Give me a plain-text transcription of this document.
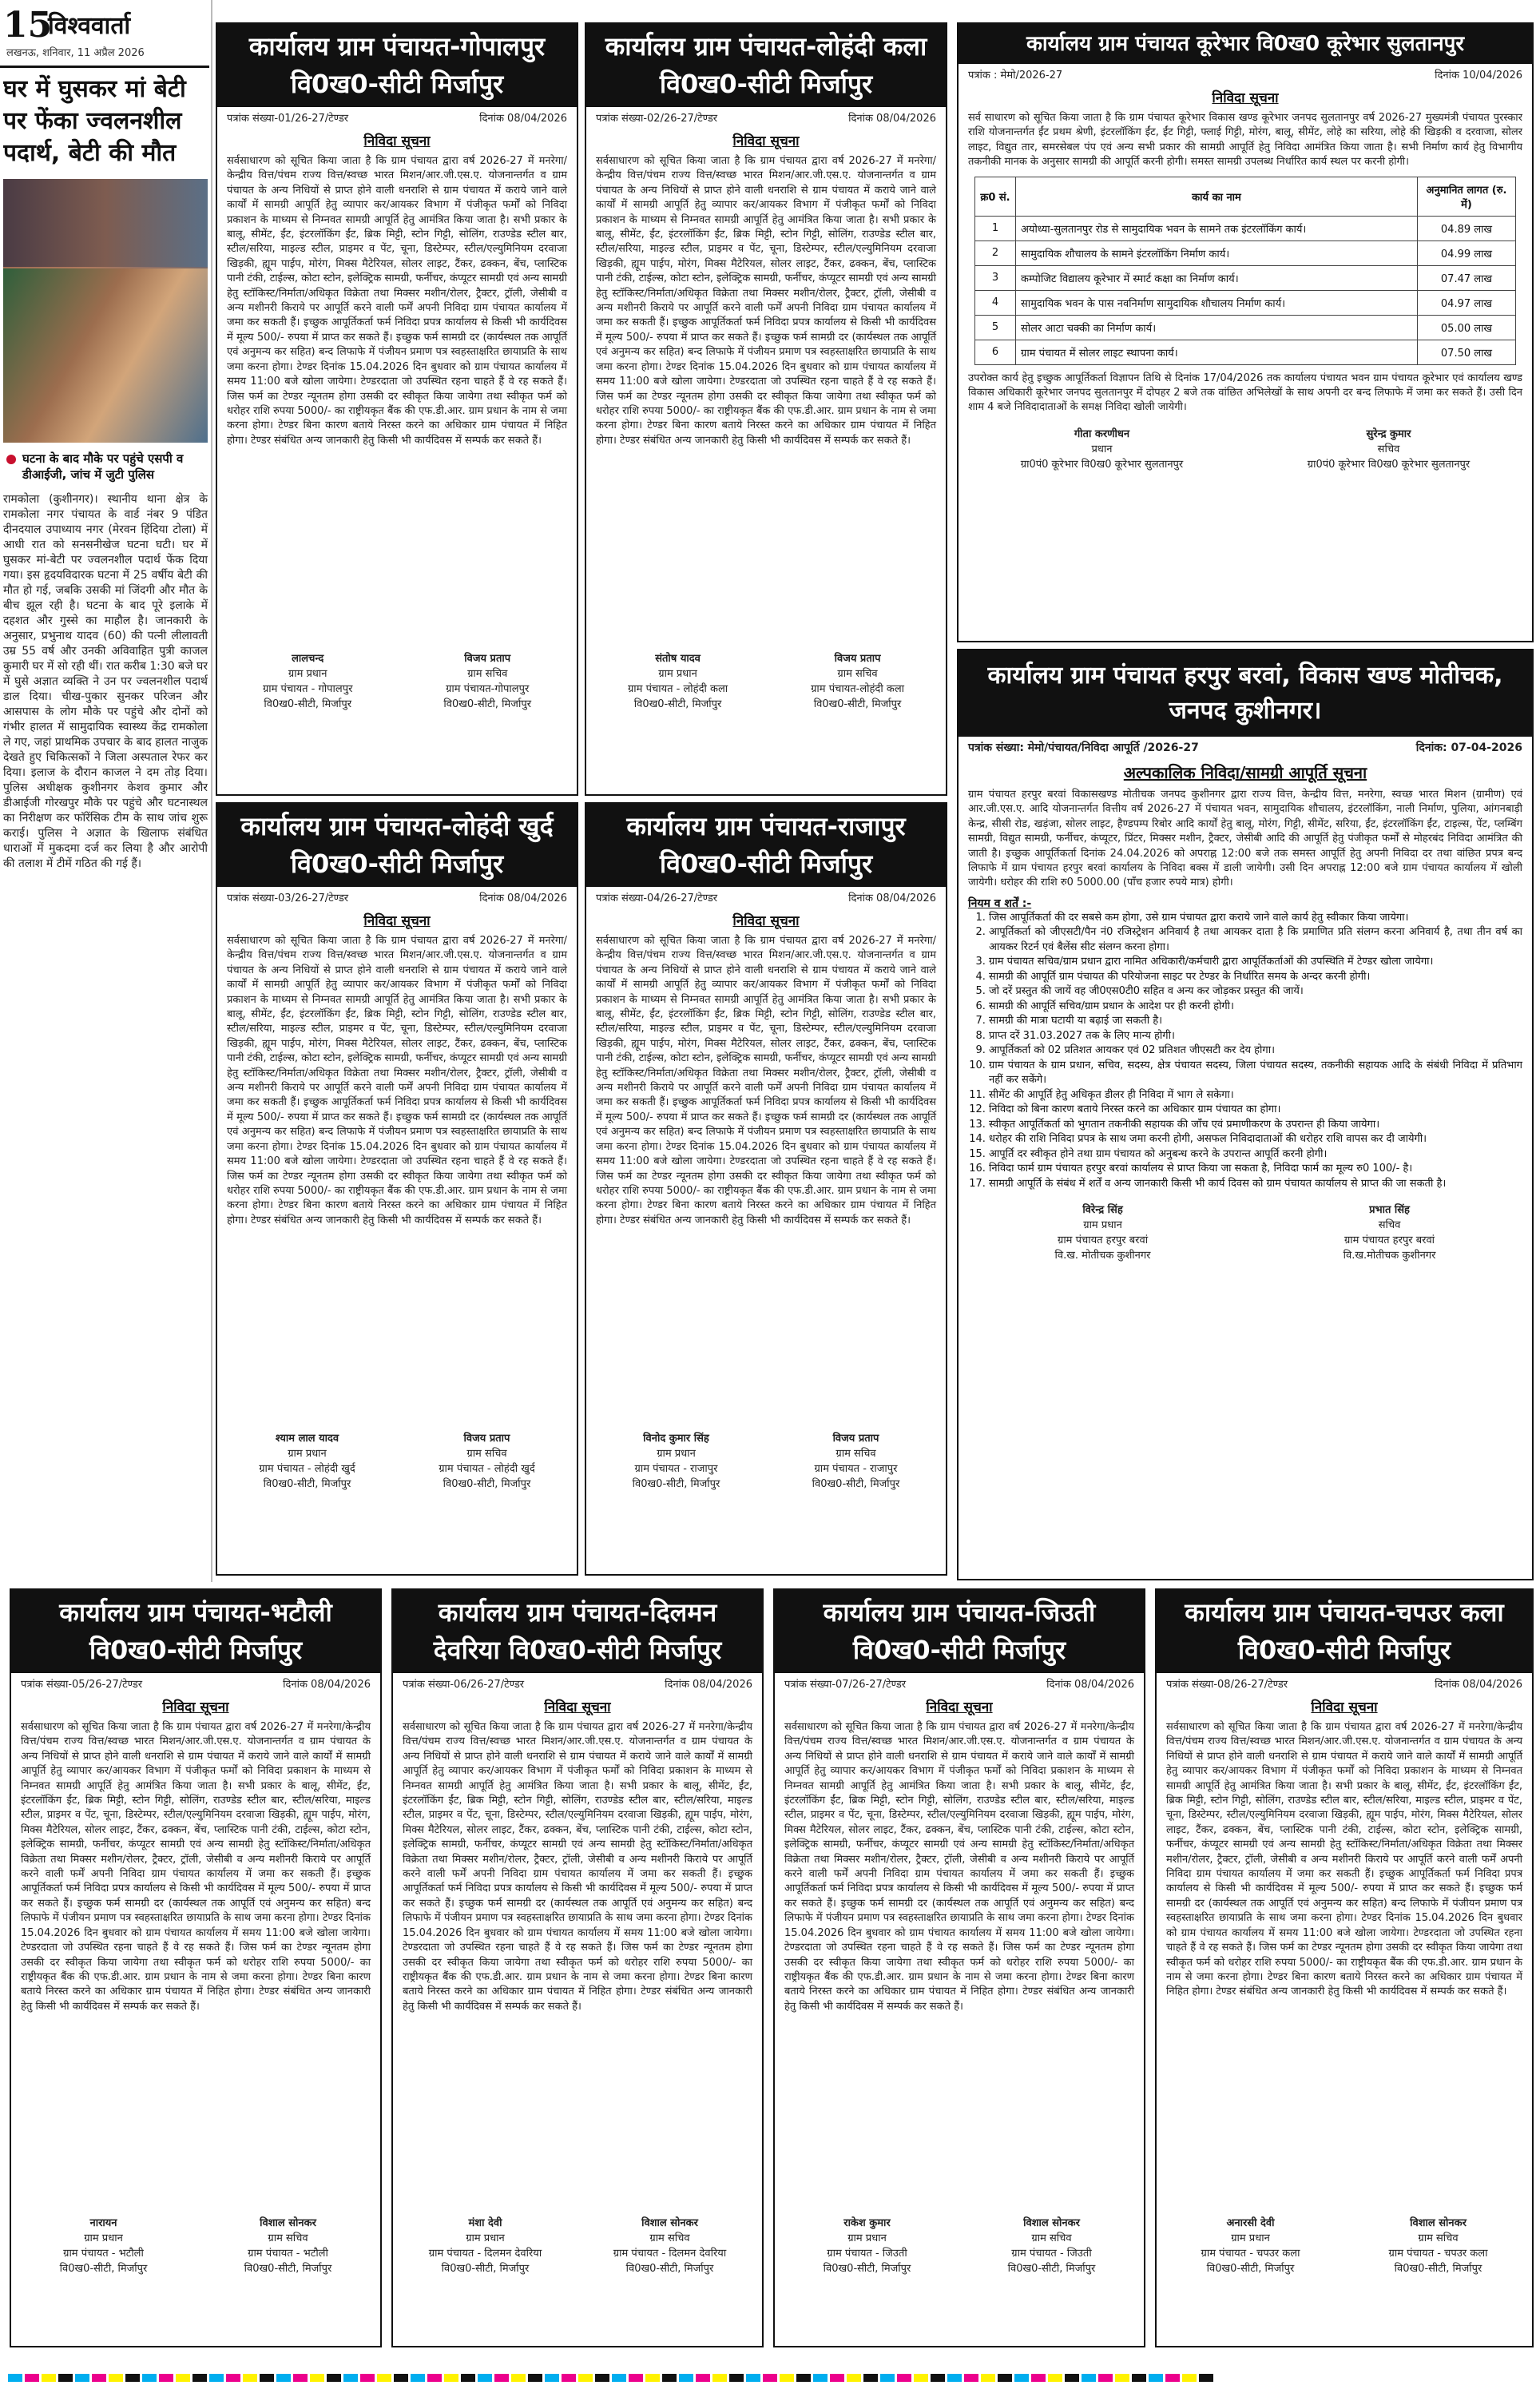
15
विश्ववार्ता
लखनऊ, शनिवार, 11 अप्रैल 2026
घर में घुसकर मां बेटी पर फेंका ज्वलनशील पदार्थ, बेटी की मौत
घटना के बाद मौके पर पहुंचे एसपी व डीआईजी, जांच में जुटी पुलिस
रामकोला (कुशीनगर)। स्थानीय थाना क्षेत्र के रामकोला नगर पंचायत के वार्ड नंबर 9 पंडित दीनदयाल उपाध्याय नगर (मेरवन हिंदिया टोला) में आधी रात को सनसनीखेज घटना घटी। घर में घुसकर मां-बेटी पर ज्वलनशील पदार्थ फेंक दिया गया। इस हृदयविदारक घटना में 25 वर्षीय बेटी की मौत हो गई, जबकि उसकी मां जिंदगी और मौत के बीच झूल रही है। घटना के बाद पूरे इलाके में दहशत और गुस्से का माहौल है। जानकारी के अनुसार, प्रभुनाथ यादव (60) की पत्नी लीलावती उम्र 55 वर्ष और उनकी अविवाहित पुत्री काजल कुमारी घर में सो रही थीं। रात करीब 1:30 बजे घर में घुसे अज्ञात व्यक्ति ने उन पर ज्वलनशील पदार्थ डाल दिया। चीख-पुकार सुनकर परिजन और आसपास के लोग मौके पर पहुंचे और दोनों को गंभीर हालत में सामुदायिक स्वास्थ्य केंद्र रामकोला ले गए, जहां प्राथमिक उपचार के बाद हालत नाजुक देखते हुए चिकित्सकों ने जिला अस्पताल रेफर कर दिया। इलाज के दौरान काजल ने दम तोड़ दिया। पुलिस अधीक्षक कुशीनगर केशव कुमार और डीआईजी गोरखपुर मौके पर पहुंचे और घटनास्थल का निरीक्षण कर फॉरेंसिक टीम के साथ जांच शुरू कराई। पुलिस ने अज्ञात के खिलाफ संबंधित धाराओं में मुकदमा दर्ज कर लिया है और आरोपी की तलाश में टीमें गठित की गई हैं।
कार्यालय ग्राम पंचायत-गोपालपुर
वि0ख0-सीटी मिर्जापुर
पत्रांक संख्या-01/26-27/टेण्डर	दिनांक 08/04/2026
निविदा सूचना
सर्वसाधारण को सूचित किया जाता है कि ग्राम पंचायत द्वारा वर्ष 2026-27 में मनरेगा/केन्द्रीय वित्त/पंचम राज्य वित्त/स्वच्छ भारत मिशन/आर.जी.एस.ए. योजनान्तर्गत व ग्राम पंचायत के अन्य निधियों से प्राप्त होने वाली धनराशि से ग्राम पंचायत में कराये जाने वाले कार्यों में सामग्री आपूर्ति हेतु व्यापार कर/आयकर विभाग में पंजीकृत फर्मों को निविदा प्रकाशन के माध्यम से निम्नवत सामग्री आपूर्ति हेतु आमंत्रित किया जाता है। सभी प्रकार के बालू, सीमेंट, ईंट, इंटरलॉकिंग ईंट, ब्रिक मिट्टी, स्टोन गिट्टी, सोलिंग, राउण्डेड स्टील बार, स्टील/सरिया, माइल्ड स्टील, प्राइमर व पेंट, चूना, डिस्टेम्पर, स्टील/एल्युमिनियम दरवाजा खिड़की, ह्यूम पाईप, मोरंग, मिक्स मैटेरियल, सोलर लाइट, टैंकर, ढक्कन, बेंच, प्लास्टिक पानी टंकी, टाईल्स, कोटा स्टोन, इलेक्ट्रिक सामग्री, फर्नीचर, कंप्यूटर सामग्री एवं अन्य सामग्री हेतु स्टॉकिस्ट/निर्माता/अधिकृत विक्रेता तथा मिक्सर मशीन/रोलर, ट्रैक्टर, ट्रॉली, जेसीबी व अन्य मशीनरी किराये पर आपूर्ति करने वाली फर्में अपनी निविदा ग्राम पंचायत कार्यालय में जमा कर सकती हैं। इच्छुक आपूर्तिकर्ता फर्म निविदा प्रपत्र कार्यालय से किसी भी कार्यदिवस में मूल्य 500/- रुपया में प्राप्त कर सकते हैं। इच्छुक फर्म सामग्री दर (कार्यस्थल तक आपूर्ति एवं अनुमन्य कर सहित) बन्द लिफाफे में पंजीयन प्रमाण पत्र स्वहस्ताक्षरित छायाप्रति के साथ जमा करना होगा। टेण्डर दिनांक 15.04.2026 दिन बुधवार को ग्राम पंचायत कार्यालय में समय 11:00 बजे खोला जायेगा। टेण्डरदाता जो उपस्थित रहना चाहते हैं वे रह सकते हैं। जिस फर्म का टेण्डर न्यूनतम होगा उसकी दर स्वीकृत किया जायेगा तथा स्वीकृत फर्म को धरोहर राशि रुपया 5000/- का राष्ट्रीयकृत बैंक की एफ.डी.आर. ग्राम प्रधान के नाम से जमा करना होगा। टेण्डर बिना कारण बताये निरस्त करने का अधिकार ग्राम पंचायत में निहित होगा। टेण्डर संबंधित अन्य जानकारी हेतु किसी भी कार्यदिवस में सम्पर्क कर सकते हैं।
लालचन्द
ग्राम प्रधान
ग्राम पंचायत - गोपालपुर
वि0ख0-सीटी, मिर्जापुर
विजय प्रताप
ग्राम सचिव
ग्राम पंचायत-गोपालपुर
वि0ख0-सीटी, मिर्जापुर
कार्यालय ग्राम पंचायत-लोहंदी कला
वि0ख0-सीटी मिर्जापुर
पत्रांक संख्या-02/26-27/टेण्डर	दिनांक 08/04/2026
निविदा सूचना
सर्वसाधारण को सूचित किया जाता है कि ग्राम पंचायत द्वारा वर्ष 2026-27 में मनरेगा/केन्द्रीय वित्त/पंचम राज्य वित्त/स्वच्छ भारत मिशन/आर.जी.एस.ए. योजनान्तर्गत व ग्राम पंचायत के अन्य निधियों से प्राप्त होने वाली धनराशि से ग्राम पंचायत में कराये जाने वाले कार्यों में सामग्री आपूर्ति हेतु व्यापार कर/आयकर विभाग में पंजीकृत फर्मों को निविदा प्रकाशन के माध्यम से निम्नवत सामग्री आपूर्ति हेतु आमंत्रित किया जाता है। सभी प्रकार के बालू, सीमेंट, ईंट, इंटरलॉकिंग ईंट, ब्रिक मिट्टी, स्टोन गिट्टी, सोलिंग, राउण्डेड स्टील बार, स्टील/सरिया, माइल्ड स्टील, प्राइमर व पेंट, चूना, डिस्टेम्पर, स्टील/एल्युमिनियम दरवाजा खिड़की, ह्यूम पाईप, मोरंग, मिक्स मैटेरियल, सोलर लाइट, टैंकर, ढक्कन, बेंच, प्लास्टिक पानी टंकी, टाईल्स, कोटा स्टोन, इलेक्ट्रिक सामग्री, फर्नीचर, कंप्यूटर सामग्री एवं अन्य सामग्री हेतु स्टॉकिस्ट/निर्माता/अधिकृत विक्रेता तथा मिक्सर मशीन/रोलर, ट्रैक्टर, ट्रॉली, जेसीबी व अन्य मशीनरी किराये पर आपूर्ति करने वाली फर्में अपनी निविदा ग्राम पंचायत कार्यालय में जमा कर सकती हैं। इच्छुक आपूर्तिकर्ता फर्म निविदा प्रपत्र कार्यालय से किसी भी कार्यदिवस में मूल्य 500/- रुपया में प्राप्त कर सकते हैं। इच्छुक फर्म सामग्री दर (कार्यस्थल तक आपूर्ति एवं अनुमन्य कर सहित) बन्द लिफाफे में पंजीयन प्रमाण पत्र स्वहस्ताक्षरित छायाप्रति के साथ जमा करना होगा। टेण्डर दिनांक 15.04.2026 दिन बुधवार को ग्राम पंचायत कार्यालय में समय 11:00 बजे खोला जायेगा। टेण्डरदाता जो उपस्थित रहना चाहते हैं वे रह सकते हैं। जिस फर्म का टेण्डर न्यूनतम होगा उसकी दर स्वीकृत किया जायेगा तथा स्वीकृत फर्म को धरोहर राशि रुपया 5000/- का राष्ट्रीयकृत बैंक की एफ.डी.आर. ग्राम प्रधान के नाम से जमा करना होगा। टेण्डर बिना कारण बताये निरस्त करने का अधिकार ग्राम पंचायत में निहित होगा। टेण्डर संबंधित अन्य जानकारी हेतु किसी भी कार्यदिवस में सम्पर्क कर सकते हैं।
संतोष यादव
ग्राम प्रधान
ग्राम पंचायत - लोहंदी कला
वि0ख0-सीटी, मिर्जापुर
विजय प्रताप
ग्राम सचिव
ग्राम पंचायत-लोहंदी कला
वि0ख0-सीटी, मिर्जापुर
कार्यालय ग्राम पंचायत-लोहंदी खुर्द
वि0ख0-सीटी मिर्जापुर
पत्रांक संख्या-03/26-27/टेण्डर	दिनांक 08/04/2026
निविदा सूचना
सर्वसाधारण को सूचित किया जाता है कि ग्राम पंचायत द्वारा वर्ष 2026-27 में मनरेगा/केन्द्रीय वित्त/पंचम राज्य वित्त/स्वच्छ भारत मिशन/आर.जी.एस.ए. योजनान्तर्गत व ग्राम पंचायत के अन्य निधियों से प्राप्त होने वाली धनराशि से ग्राम पंचायत में कराये जाने वाले कार्यों में सामग्री आपूर्ति हेतु व्यापार कर/आयकर विभाग में पंजीकृत फर्मों को निविदा प्रकाशन के माध्यम से निम्नवत सामग्री आपूर्ति हेतु आमंत्रित किया जाता है। सभी प्रकार के बालू, सीमेंट, ईंट, इंटरलॉकिंग ईंट, ब्रिक मिट्टी, स्टोन गिट्टी, सोलिंग, राउण्डेड स्टील बार, स्टील/सरिया, माइल्ड स्टील, प्राइमर व पेंट, चूना, डिस्टेम्पर, स्टील/एल्युमिनियम दरवाजा खिड़की, ह्यूम पाईप, मोरंग, मिक्स मैटेरियल, सोलर लाइट, टैंकर, ढक्कन, बेंच, प्लास्टिक पानी टंकी, टाईल्स, कोटा स्टोन, इलेक्ट्रिक सामग्री, फर्नीचर, कंप्यूटर सामग्री एवं अन्य सामग्री हेतु स्टॉकिस्ट/निर्माता/अधिकृत विक्रेता तथा मिक्सर मशीन/रोलर, ट्रैक्टर, ट्रॉली, जेसीबी व अन्य मशीनरी किराये पर आपूर्ति करने वाली फर्में अपनी निविदा ग्राम पंचायत कार्यालय में जमा कर सकती हैं। इच्छुक आपूर्तिकर्ता फर्म निविदा प्रपत्र कार्यालय से किसी भी कार्यदिवस में मूल्य 500/- रुपया में प्राप्त कर सकते हैं। इच्छुक फर्म सामग्री दर (कार्यस्थल तक आपूर्ति एवं अनुमन्य कर सहित) बन्द लिफाफे में पंजीयन प्रमाण पत्र स्वहस्ताक्षरित छायाप्रति के साथ जमा करना होगा। टेण्डर दिनांक 15.04.2026 दिन बुधवार को ग्राम पंचायत कार्यालय में समय 11:00 बजे खोला जायेगा। टेण्डरदाता जो उपस्थित रहना चाहते हैं वे रह सकते हैं। जिस फर्म का टेण्डर न्यूनतम होगा उसकी दर स्वीकृत किया जायेगा तथा स्वीकृत फर्म को धरोहर राशि रुपया 5000/- का राष्ट्रीयकृत बैंक की एफ.डी.आर. ग्राम प्रधान के नाम से जमा करना होगा। टेण्डर बिना कारण बताये निरस्त करने का अधिकार ग्राम पंचायत में निहित होगा। टेण्डर संबंधित अन्य जानकारी हेतु किसी भी कार्यदिवस में सम्पर्क कर सकते हैं।
श्याम लाल यादव
ग्राम प्रधान
ग्राम पंचायत - लोहंदी खुर्द
वि0ख0-सीटी, मिर्जापुर
विजय प्रताप
ग्राम सचिव
ग्राम पंचायत - लोहंदी खुर्द
वि0ख0-सीटी, मिर्जापुर
कार्यालय ग्राम पंचायत-राजापुर
वि0ख0-सीटी मिर्जापुर
पत्रांक संख्या-04/26-27/टेण्डर	दिनांक 08/04/2026
निविदा सूचना
सर्वसाधारण को सूचित किया जाता है कि ग्राम पंचायत द्वारा वर्ष 2026-27 में मनरेगा/केन्द्रीय वित्त/पंचम राज्य वित्त/स्वच्छ भारत मिशन/आर.जी.एस.ए. योजनान्तर्गत व ग्राम पंचायत के अन्य निधियों से प्राप्त होने वाली धनराशि से ग्राम पंचायत में कराये जाने वाले कार्यों में सामग्री आपूर्ति हेतु व्यापार कर/आयकर विभाग में पंजीकृत फर्मों को निविदा प्रकाशन के माध्यम से निम्नवत सामग्री आपूर्ति हेतु आमंत्रित किया जाता है। सभी प्रकार के बालू, सीमेंट, ईंट, इंटरलॉकिंग ईंट, ब्रिक मिट्टी, स्टोन गिट्टी, सोलिंग, राउण्डेड स्टील बार, स्टील/सरिया, माइल्ड स्टील, प्राइमर व पेंट, चूना, डिस्टेम्पर, स्टील/एल्युमिनियम दरवाजा खिड़की, ह्यूम पाईप, मोरंग, मिक्स मैटेरियल, सोलर लाइट, टैंकर, ढक्कन, बेंच, प्लास्टिक पानी टंकी, टाईल्स, कोटा स्टोन, इलेक्ट्रिक सामग्री, फर्नीचर, कंप्यूटर सामग्री एवं अन्य सामग्री हेतु स्टॉकिस्ट/निर्माता/अधिकृत विक्रेता तथा मिक्सर मशीन/रोलर, ट्रैक्टर, ट्रॉली, जेसीबी व अन्य मशीनरी किराये पर आपूर्ति करने वाली फर्में अपनी निविदा ग्राम पंचायत कार्यालय में जमा कर सकती हैं। इच्छुक आपूर्तिकर्ता फर्म निविदा प्रपत्र कार्यालय से किसी भी कार्यदिवस में मूल्य 500/- रुपया में प्राप्त कर सकते हैं। इच्छुक फर्म सामग्री दर (कार्यस्थल तक आपूर्ति एवं अनुमन्य कर सहित) बन्द लिफाफे में पंजीयन प्रमाण पत्र स्वहस्ताक्षरित छायाप्रति के साथ जमा करना होगा। टेण्डर दिनांक 15.04.2026 दिन बुधवार को ग्राम पंचायत कार्यालय में समय 11:00 बजे खोला जायेगा। टेण्डरदाता जो उपस्थित रहना चाहते हैं वे रह सकते हैं। जिस फर्म का टेण्डर न्यूनतम होगा उसकी दर स्वीकृत किया जायेगा तथा स्वीकृत फर्म को धरोहर राशि रुपया 5000/- का राष्ट्रीयकृत बैंक की एफ.डी.आर. ग्राम प्रधान के नाम से जमा करना होगा। टेण्डर बिना कारण बताये निरस्त करने का अधिकार ग्राम पंचायत में निहित होगा। टेण्डर संबंधित अन्य जानकारी हेतु किसी भी कार्यदिवस में सम्पर्क कर सकते हैं।
विनोद कुमार सिंह
ग्राम प्रधान
ग्राम पंचायत - राजापुर
वि0ख0-सीटी, मिर्जापुर
विजय प्रताप
ग्राम सचिव
ग्राम पंचायत - राजापुर
वि0ख0-सीटी, मिर्जापुर
कार्यालय ग्राम पंचायत कूरेभार वि0ख0 कूरेभार सुलतानपुर
पत्रांक : मेमो/2026-27	दिनांक 10/04/2026
निविदा सूचना
सर्व साधारण को सूचित किया जाता है कि ग्राम पंचायत कूरेभार विकास खण्ड कूरेभार जनपद सुलतानपुर वर्ष 2026-27 मुख्यमंत्री पंचायत पुरस्कार राशि योजनान्तर्गत ईंट प्रथम श्रेणी, इंटरलॉकिंग ईंट, ईंट गिट्टी, फ्लाई गिट्टी, मोरंग, बालू, सीमेंट, लोहे का सरिया, लोहे की खिड़की व दरवाजा, सोलर लाइट, विद्युत तार, समरसेबल पंप एवं अन्य सभी प्रकार की सामग्री आपूर्ति हेतु निविदा आमंत्रित किया जाता है। सभी निर्माण कार्य हेतु विभागीय तकनीकी मानक के अनुसार सामग्री की आपूर्ति करनी होगी। समस्त सामग्री उपलब्ध निर्धारित कार्य स्थल पर करनी होगी।
क्र0 सं.	कार्य का नाम	अनुमानित लागत (रु. में)
1	अयोध्या-सुलतानपुर रोड से सामुदायिक भवन के सामने तक इंटरलॉकिंग कार्य।	04.89 लाख
2	सामुदायिक शौचालय के सामने इंटरलॉकिंग निर्माण कार्य।	04.99 लाख
3	कम्पोजिट विद्यालय कूरेभार में स्मार्ट कक्षा का निर्माण कार्य।	07.47 लाख
4	सामुदायिक भवन के पास नवनिर्माण सामुदायिक शौचालय निर्माण कार्य।	04.97 लाख
5	सोलर आटा चक्की का निर्माण कार्य।	05.00 लाख
6	ग्राम पंचायत में सोलर लाइट स्थापना कार्य।	07.50 लाख
उपरोक्त कार्य हेतु इच्छुक आपूर्तिकर्ता विज्ञापन तिथि से दिनांक 17/04/2026 तक कार्यालय पंचायत भवन ग्राम पंचायत कूरेभार एवं कार्यालय खण्ड विकास अधिकारी कूरेभार जनपद सुलतानपुर में दोपहर 2 बजे तक वांछित अभिलेखों के साथ अपनी दर बन्द लिफाफे में जमा कर सकते हैं। उसी दिन शाम 4 बजे निविदादाताओं के समक्ष निविदा खोली जायेगी।
गीता करणीधन
प्रधान
ग्रा0पं0 कूरेभार वि0ख0 कूरेभार सुलतानपुर
सुरेन्द्र कुमार
सचिव
ग्रा0पं0 कूरेभार वि0ख0 कूरेभार सुलतानपुर
कार्यालय ग्राम पंचायत हरपुर बरवां, विकास खण्ड मोतीचक, जनपद कुशीनगर।
पत्रांक संख्या: मेमो/पंचायत/निविदा आपूर्ति /2026-27	दिनांक: 07-04-2026
अल्पकालिक निविदा/सामग्री आपूर्ति सूचना
ग्राम पंचायत हरपुर बरवां विकासखण्ड मोतीचक जनपद कुशीनगर द्वारा राज्य वित्त, केन्द्रीय वित्त, मनरेगा, स्वच्छ भारत मिशन (ग्रामीण) एवं आर.जी.एस.ए. आदि योजनान्तर्गत वित्तीय वर्ष 2026-27 में पंचायत भवन, सामुदायिक शौचालय, इंटरलॉकिंग, नाली निर्माण, पुलिया, आंगनबाड़ी केन्द्र, सीसी रोड, खड़ंजा, सोलर लाइट, हैण्डपम्प रिबोर आदि कार्यों हेतु बालू, मोरंग, गिट्टी, सीमेंट, सरिया, ईंट, इंटरलॉकिंग ईंट, टाइल्स, पेंट, प्लम्बिंग सामग्री, विद्युत सामग्री, फर्नीचर, कंप्यूटर, प्रिंटर, मिक्सर मशीन, ट्रैक्टर, जेसीबी आदि की आपूर्ति हेतु पंजीकृत फर्मों से मोहरबंद निविदा आमंत्रित की जाती है। इच्छुक आपूर्तिकर्ता दिनांक 24.04.2026 को अपराह्न 12:00 बजे तक समस्त आपूर्ति हेतु अपनी निविदा दर तथा वांछित प्रपत्र बन्द लिफाफे में ग्राम पंचायत हरपुर बरवां कार्यालय के निविदा बक्स में डाली जायेगी। उसी दिन अपराह्न 12:00 बजे ग्राम पंचायत कार्यालय में खोली जायेगी। धरोहर की राशि रु0 5000.00 (पाँच हजार रुपये मात्र) होगी।
नियम व शर्तें :-
1. जिस आपूर्तिकर्ता की दर सबसे कम होगा, उसे ग्राम पंचायत द्वारा कराये जाने वाले कार्य हेतु स्वीकार किया जायेगा।
2. आपूर्तिकर्ता को जीएसटी/पैन नं0 रजिस्ट्रेशन अनिवार्य है तथा आयकर दाता है कि प्रमाणित प्रति संलग्न करना अनिवार्य है, तथा तीन वर्ष का आयकर रिटर्न एवं बैलेंस सीट संलग्न करना होगा।
3. ग्राम पंचायत सचिव/ग्राम प्रधान द्वारा नामित अधिकारी/कर्मचारी द्वारा आपूर्तिकर्ताओं की उपस्थिति में टेण्डर खोला जायेगा।
4. सामग्री की आपूर्ति ग्राम पंचायत की परियोजना साइट पर टेण्डर के निर्धारित समय के अन्दर करनी होगी।
5. जो दरें प्रस्तुत की जायें वह जी0एस0टी0 सहित व अन्य कर जोड़कर प्रस्तुत की जायें।
6. सामग्री की आपूर्ति सचिव/ग्राम प्रधान के आदेश पर ही करनी होगी।
7. सामग्री की मात्रा घटायी या बढ़ाई जा सकती है।
8. प्राप्त दरें 31.03.2027 तक के लिए मान्य होगी।
9. आपूर्तिकर्ता को 02 प्रतिशत आयकर एवं 02 प्रतिशत जीएसटी कर देय होगा।
10. ग्राम पंचायत के ग्राम प्रधान, सचिव, सदस्य, क्षेत्र पंचायत सदस्य, जिला पंचायत सदस्य, तकनीकी सहायक आदि के संबंधी निविदा में प्रतिभाग नहीं कर सकेंगे।
11. सीमेंट की आपूर्ति हेतु अधिकृत डीलर ही निविदा में भाग ले सकेगा।
12. निविदा को बिना कारण बताये निरस्त करने का अधिकार ग्राम पंचायत का होगा।
13. स्वीकृत आपूर्तिकर्ता को भुगतान तकनीकी सहायक की जाँच एवं प्रमाणीकरण के उपरान्त ही किया जायेगा।
14. धरोहर की राशि निविदा प्रपत्र के साथ जमा करनी होगी, असफल निविदादाताओं की धरोहर राशि वापस कर दी जायेगी।
15. आपूर्ति दर स्वीकृत होने तथा ग्राम पंचायत को अनुबन्ध करने के उपरान्त आपूर्ति करनी होगी।
16. निविदा फार्म ग्राम पंचायत हरपुर बरवां कार्यालय से प्राप्त किया जा सकता है, निविदा फार्म का मूल्य रु0 100/- है।
17. सामग्री आपूर्ति के संबंध में शर्तें व अन्य जानकारी किसी भी कार्य दिवस को ग्राम पंचायत कार्यालय से प्राप्त की जा सकती है।
विरेन्द्र सिंह
ग्राम प्रधान
ग्राम पंचायत हरपुर बरवां
वि.ख. मोतीचक कुशीनगर
प्रभात सिंह
सचिव
ग्राम पंचायत हरपुर बरवां
वि.ख.मोतीचक कुशीनगर
कार्यालय ग्राम पंचायत-भटौली
वि0ख0-सीटी मिर्जापुर
पत्रांक संख्या-05/26-27/टेण्डर	दिनांक 08/04/2026
निविदा सूचना
सर्वसाधारण को सूचित किया जाता है कि ग्राम पंचायत द्वारा वर्ष 2026-27 में मनरेगा/केन्द्रीय वित्त/पंचम राज्य वित्त/स्वच्छ भारत मिशन/आर.जी.एस.ए. योजनान्तर्गत व ग्राम पंचायत के अन्य निधियों से प्राप्त होने वाली धनराशि से ग्राम पंचायत में कराये जाने वाले कार्यों में सामग्री आपूर्ति हेतु व्यापार कर/आयकर विभाग में पंजीकृत फर्मों को निविदा प्रकाशन के माध्यम से निम्नवत सामग्री आपूर्ति हेतु आमंत्रित किया जाता है। सभी प्रकार के बालू, सीमेंट, ईंट, इंटरलॉकिंग ईंट, ब्रिक मिट्टी, स्टोन गिट्टी, सोलिंग, राउण्डेड स्टील बार, स्टील/सरिया, माइल्ड स्टील, प्राइमर व पेंट, चूना, डिस्टेम्पर, स्टील/एल्युमिनियम दरवाजा खिड़की, ह्यूम पाईप, मोरंग, मिक्स मैटेरियल, सोलर लाइट, टैंकर, ढक्कन, बेंच, प्लास्टिक पानी टंकी, टाईल्स, कोटा स्टोन, इलेक्ट्रिक सामग्री, फर्नीचर, कंप्यूटर सामग्री एवं अन्य सामग्री हेतु स्टॉकिस्ट/निर्माता/अधिकृत विक्रेता तथा मिक्सर मशीन/रोलर, ट्रैक्टर, ट्रॉली, जेसीबी व अन्य मशीनरी किराये पर आपूर्ति करने वाली फर्में अपनी निविदा ग्राम पंचायत कार्यालय में जमा कर सकती हैं। इच्छुक आपूर्तिकर्ता फर्म निविदा प्रपत्र कार्यालय से किसी भी कार्यदिवस में मूल्य 500/- रुपया में प्राप्त कर सकते हैं। इच्छुक फर्म सामग्री दर (कार्यस्थल तक आपूर्ति एवं अनुमन्य कर सहित) बन्द लिफाफे में पंजीयन प्रमाण पत्र स्वहस्ताक्षरित छायाप्रति के साथ जमा करना होगा। टेण्डर दिनांक 15.04.2026 दिन बुधवार को ग्राम पंचायत कार्यालय में समय 11:00 बजे खोला जायेगा। टेण्डरदाता जो उपस्थित रहना चाहते हैं वे रह सकते हैं। जिस फर्म का टेण्डर न्यूनतम होगा उसकी दर स्वीकृत किया जायेगा तथा स्वीकृत फर्म को धरोहर राशि रुपया 5000/- का राष्ट्रीयकृत बैंक की एफ.डी.आर. ग्राम प्रधान के नाम से जमा करना होगा। टेण्डर बिना कारण बताये निरस्त करने का अधिकार ग्राम पंचायत में निहित होगा। टेण्डर संबंधित अन्य जानकारी हेतु किसी भी कार्यदिवस में सम्पर्क कर सकते हैं।
नारायन
ग्राम प्रधान
ग्राम पंचायत - भटौली
वि0ख0-सीटी, मिर्जापुर
विशाल सोनकर
ग्राम सचिव
ग्राम पंचायत - भटौली
वि0ख0-सीटी, मिर्जापुर
कार्यालय ग्राम पंचायत-दिलमन
देवरिया वि0ख0-सीटी मिर्जापुर
पत्रांक संख्या-06/26-27/टेण्डर	दिनांक 08/04/2026
निविदा सूचना
सर्वसाधारण को सूचित किया जाता है कि ग्राम पंचायत द्वारा वर्ष 2026-27 में मनरेगा/केन्द्रीय वित्त/पंचम राज्य वित्त/स्वच्छ भारत मिशन/आर.जी.एस.ए. योजनान्तर्गत व ग्राम पंचायत के अन्य निधियों से प्राप्त होने वाली धनराशि से ग्राम पंचायत में कराये जाने वाले कार्यों में सामग्री आपूर्ति हेतु व्यापार कर/आयकर विभाग में पंजीकृत फर्मों को निविदा प्रकाशन के माध्यम से निम्नवत सामग्री आपूर्ति हेतु आमंत्रित किया जाता है। सभी प्रकार के बालू, सीमेंट, ईंट, इंटरलॉकिंग ईंट, ब्रिक मिट्टी, स्टोन गिट्टी, सोलिंग, राउण्डेड स्टील बार, स्टील/सरिया, माइल्ड स्टील, प्राइमर व पेंट, चूना, डिस्टेम्पर, स्टील/एल्युमिनियम दरवाजा खिड़की, ह्यूम पाईप, मोरंग, मिक्स मैटेरियल, सोलर लाइट, टैंकर, ढक्कन, बेंच, प्लास्टिक पानी टंकी, टाईल्स, कोटा स्टोन, इलेक्ट्रिक सामग्री, फर्नीचर, कंप्यूटर सामग्री एवं अन्य सामग्री हेतु स्टॉकिस्ट/निर्माता/अधिकृत विक्रेता तथा मिक्सर मशीन/रोलर, ट्रैक्टर, ट्रॉली, जेसीबी व अन्य मशीनरी किराये पर आपूर्ति करने वाली फर्में अपनी निविदा ग्राम पंचायत कार्यालय में जमा कर सकती हैं। इच्छुक आपूर्तिकर्ता फर्म निविदा प्रपत्र कार्यालय से किसी भी कार्यदिवस में मूल्य 500/- रुपया में प्राप्त कर सकते हैं। इच्छुक फर्म सामग्री दर (कार्यस्थल तक आपूर्ति एवं अनुमन्य कर सहित) बन्द लिफाफे में पंजीयन प्रमाण पत्र स्वहस्ताक्षरित छायाप्रति के साथ जमा करना होगा। टेण्डर दिनांक 15.04.2026 दिन बुधवार को ग्राम पंचायत कार्यालय में समय 11:00 बजे खोला जायेगा। टेण्डरदाता जो उपस्थित रहना चाहते हैं वे रह सकते हैं। जिस फर्म का टेण्डर न्यूनतम होगा उसकी दर स्वीकृत किया जायेगा तथा स्वीकृत फर्म को धरोहर राशि रुपया 5000/- का राष्ट्रीयकृत बैंक की एफ.डी.आर. ग्राम प्रधान के नाम से जमा करना होगा। टेण्डर बिना कारण बताये निरस्त करने का अधिकार ग्राम पंचायत में निहित होगा। टेण्डर संबंधित अन्य जानकारी हेतु किसी भी कार्यदिवस में सम्पर्क कर सकते हैं।
मंशा देवी
ग्राम प्रधान
ग्राम पंचायत - दिलमन देवरिया
वि0ख0-सीटी, मिर्जापुर
विशाल सोनकर
ग्राम सचिव
ग्राम पंचायत - दिलमन देवरिया
वि0ख0-सीटी, मिर्जापुर
कार्यालय ग्राम पंचायत-जिउती
वि0ख0-सीटी मिर्जापुर
पत्रांक संख्या-07/26-27/टेण्डर	दिनांक 08/04/2026
निविदा सूचना
सर्वसाधारण को सूचित किया जाता है कि ग्राम पंचायत द्वारा वर्ष 2026-27 में मनरेगा/केन्द्रीय वित्त/पंचम राज्य वित्त/स्वच्छ भारत मिशन/आर.जी.एस.ए. योजनान्तर्गत व ग्राम पंचायत के अन्य निधियों से प्राप्त होने वाली धनराशि से ग्राम पंचायत में कराये जाने वाले कार्यों में सामग्री आपूर्ति हेतु व्यापार कर/आयकर विभाग में पंजीकृत फर्मों को निविदा प्रकाशन के माध्यम से निम्नवत सामग्री आपूर्ति हेतु आमंत्रित किया जाता है। सभी प्रकार के बालू, सीमेंट, ईंट, इंटरलॉकिंग ईंट, ब्रिक मिट्टी, स्टोन गिट्टी, सोलिंग, राउण्डेड स्टील बार, स्टील/सरिया, माइल्ड स्टील, प्राइमर व पेंट, चूना, डिस्टेम्पर, स्टील/एल्युमिनियम दरवाजा खिड़की, ह्यूम पाईप, मोरंग, मिक्स मैटेरियल, सोलर लाइट, टैंकर, ढक्कन, बेंच, प्लास्टिक पानी टंकी, टाईल्स, कोटा स्टोन, इलेक्ट्रिक सामग्री, फर्नीचर, कंप्यूटर सामग्री एवं अन्य सामग्री हेतु स्टॉकिस्ट/निर्माता/अधिकृत विक्रेता तथा मिक्सर मशीन/रोलर, ट्रैक्टर, ट्रॉली, जेसीबी व अन्य मशीनरी किराये पर आपूर्ति करने वाली फर्में अपनी निविदा ग्राम पंचायत कार्यालय में जमा कर सकती हैं। इच्छुक आपूर्तिकर्ता फर्म निविदा प्रपत्र कार्यालय से किसी भी कार्यदिवस में मूल्य 500/- रुपया में प्राप्त कर सकते हैं। इच्छुक फर्म सामग्री दर (कार्यस्थल तक आपूर्ति एवं अनुमन्य कर सहित) बन्द लिफाफे में पंजीयन प्रमाण पत्र स्वहस्ताक्षरित छायाप्रति के साथ जमा करना होगा। टेण्डर दिनांक 15.04.2026 दिन बुधवार को ग्राम पंचायत कार्यालय में समय 11:00 बजे खोला जायेगा। टेण्डरदाता जो उपस्थित रहना चाहते हैं वे रह सकते हैं। जिस फर्म का टेण्डर न्यूनतम होगा उसकी दर स्वीकृत किया जायेगा तथा स्वीकृत फर्म को धरोहर राशि रुपया 5000/- का राष्ट्रीयकृत बैंक की एफ.डी.आर. ग्राम प्रधान के नाम से जमा करना होगा। टेण्डर बिना कारण बताये निरस्त करने का अधिकार ग्राम पंचायत में निहित होगा। टेण्डर संबंधित अन्य जानकारी हेतु किसी भी कार्यदिवस में सम्पर्क कर सकते हैं।
राकेश कुमार
ग्राम प्रधान
ग्राम पंचायत - जिउती
वि0ख0-सीटी, मिर्जापुर
विशाल सोनकर
ग्राम सचिव
ग्राम पंचायत - जिउती
वि0ख0-सीटी, मिर्जापुर
कार्यालय ग्राम पंचायत-चपउर कला
वि0ख0-सीटी मिर्जापुर
पत्रांक संख्या-08/26-27/टेण्डर	दिनांक 08/04/2026
निविदा सूचना
सर्वसाधारण को सूचित किया जाता है कि ग्राम पंचायत द्वारा वर्ष 2026-27 में मनरेगा/केन्द्रीय वित्त/पंचम राज्य वित्त/स्वच्छ भारत मिशन/आर.जी.एस.ए. योजनान्तर्गत व ग्राम पंचायत के अन्य निधियों से प्राप्त होने वाली धनराशि से ग्राम पंचायत में कराये जाने वाले कार्यों में सामग्री आपूर्ति हेतु व्यापार कर/आयकर विभाग में पंजीकृत फर्मों को निविदा प्रकाशन के माध्यम से निम्नवत सामग्री आपूर्ति हेतु आमंत्रित किया जाता है। सभी प्रकार के बालू, सीमेंट, ईंट, इंटरलॉकिंग ईंट, ब्रिक मिट्टी, स्टोन गिट्टी, सोलिंग, राउण्डेड स्टील बार, स्टील/सरिया, माइल्ड स्टील, प्राइमर व पेंट, चूना, डिस्टेम्पर, स्टील/एल्युमिनियम दरवाजा खिड़की, ह्यूम पाईप, मोरंग, मिक्स मैटेरियल, सोलर लाइट, टैंकर, ढक्कन, बेंच, प्लास्टिक पानी टंकी, टाईल्स, कोटा स्टोन, इलेक्ट्रिक सामग्री, फर्नीचर, कंप्यूटर सामग्री एवं अन्य सामग्री हेतु स्टॉकिस्ट/निर्माता/अधिकृत विक्रेता तथा मिक्सर मशीन/रोलर, ट्रैक्टर, ट्रॉली, जेसीबी व अन्य मशीनरी किराये पर आपूर्ति करने वाली फर्में अपनी निविदा ग्राम पंचायत कार्यालय में जमा कर सकती हैं। इच्छुक आपूर्तिकर्ता फर्म निविदा प्रपत्र कार्यालय से किसी भी कार्यदिवस में मूल्य 500/- रुपया में प्राप्त कर सकते हैं। इच्छुक फर्म सामग्री दर (कार्यस्थल तक आपूर्ति एवं अनुमन्य कर सहित) बन्द लिफाफे में पंजीयन प्रमाण पत्र स्वहस्ताक्षरित छायाप्रति के साथ जमा करना होगा। टेण्डर दिनांक 15.04.2026 दिन बुधवार को ग्राम पंचायत कार्यालय में समय 11:00 बजे खोला जायेगा। टेण्डरदाता जो उपस्थित रहना चाहते हैं वे रह सकते हैं। जिस फर्म का टेण्डर न्यूनतम होगा उसकी दर स्वीकृत किया जायेगा तथा स्वीकृत फर्म को धरोहर राशि रुपया 5000/- का राष्ट्रीयकृत बैंक की एफ.डी.आर. ग्राम प्रधान के नाम से जमा करना होगा। टेण्डर बिना कारण बताये निरस्त करने का अधिकार ग्राम पंचायत में निहित होगा। टेण्डर संबंधित अन्य जानकारी हेतु किसी भी कार्यदिवस में सम्पर्क कर सकते हैं।
अनारसी देवी
ग्राम प्रधान
ग्राम पंचायत - चपउर कला
वि0ख0-सीटी, मिर्जापुर
विशाल सोनकर
ग्राम सचिव
ग्राम पंचायत - चपउर कला
वि0ख0-सीटी, मिर्जापुर
